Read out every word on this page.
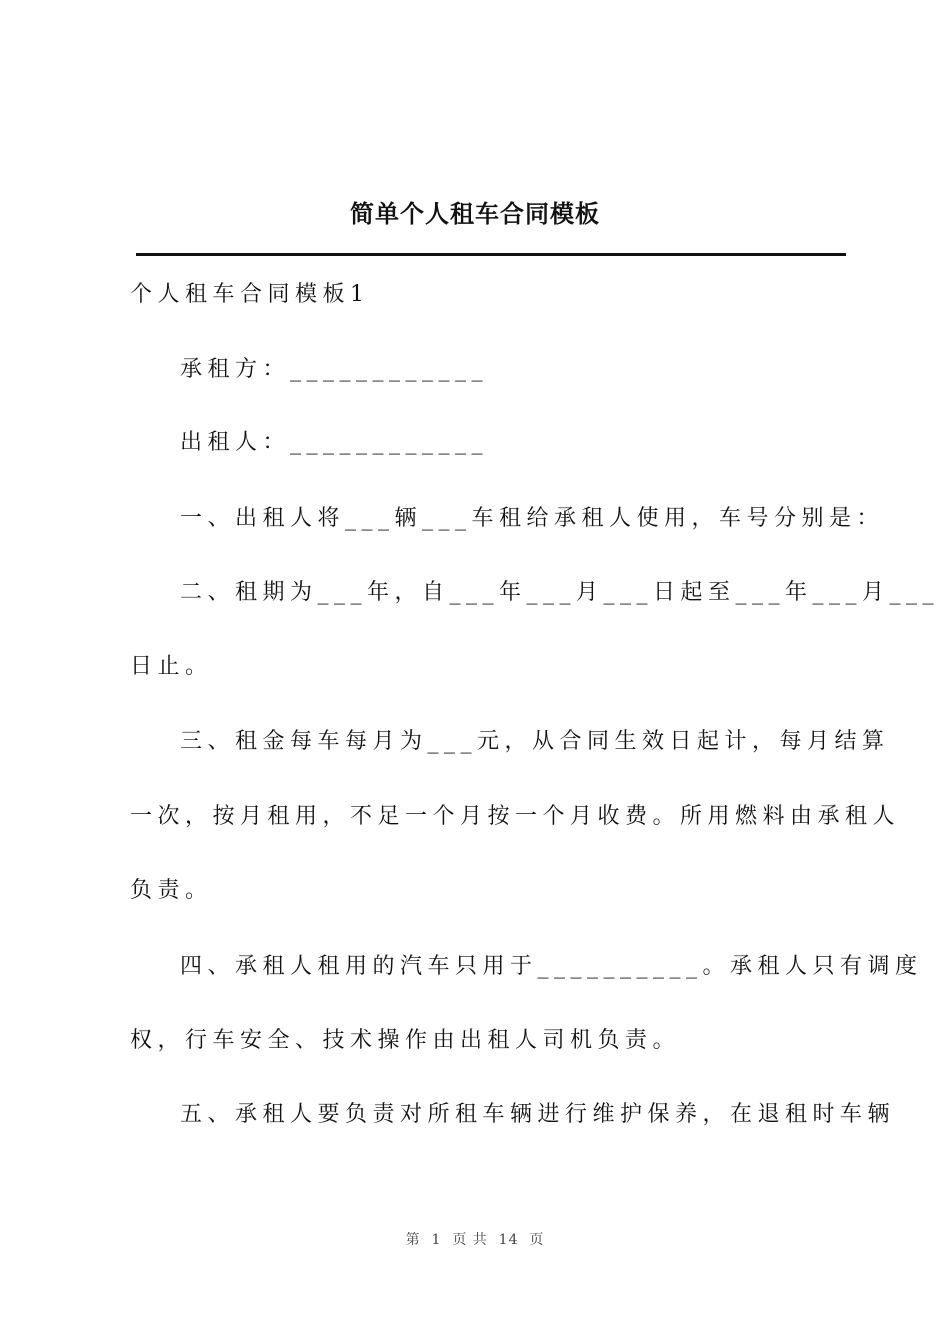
简单个人租车合同模板
个人租车合同模板1
承租方：____________
出租人：____________
一、出租人将___辆___车租给承租人使用，车号分别是：
二、租期为___年，自___年___月___日起至___年___月___
日止。
三、租金每车每月为___元，从合同生效日起计，每月结算
一次，按月租用，不足一个月按一个月收费。所用燃料由承租人
负责。
四、承租人租用的汽车只用于__________。承租人只有调度
权，行车安全、技术操作由出租人司机负责。
五、承租人要负责对所租车辆进行维护保养，在退租时车辆
第  1  页 共  14  页
